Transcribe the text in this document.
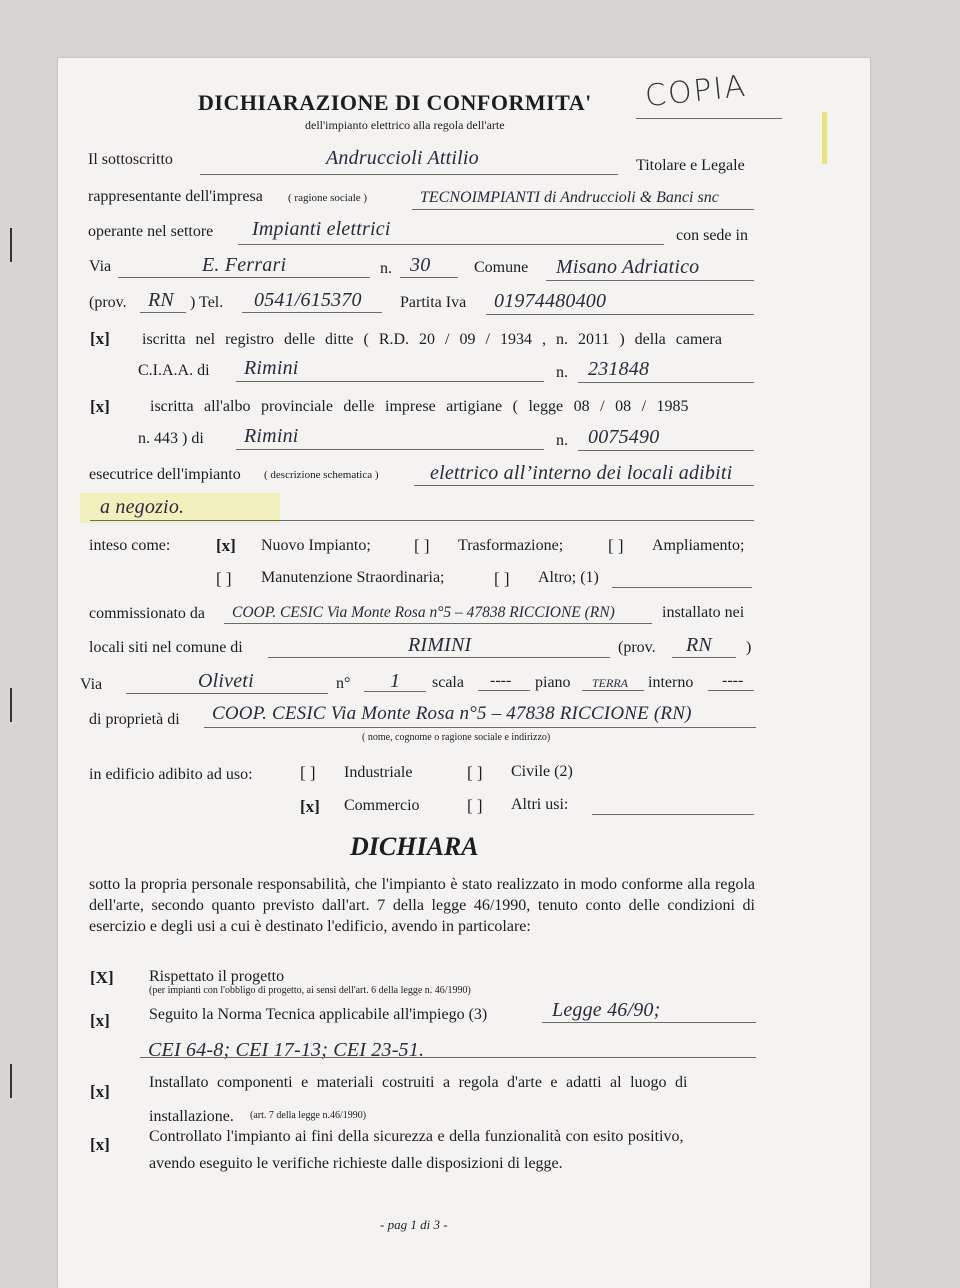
DICHIARAZIONE DI CONFORMITA'
dell'impianto elettrico alla regola dell'arte
COPIA
Il sottoscritto	Andruccioli Attilio	Titolare e Legale
rappresentante dell'impresa ( ragione sociale )	TECNOIMPIANTI di Andruccioli & Banci snc
operante nel settore Impianti elettrici	con sede in
Via	E. Ferrari	n. 30	Comune Misano Adriatico
(prov. RN ) Tel. 0541/615370 Partita Iva 01974480400
[x] iscritta nel registro delle ditte ( R.D. 20 / 09 / 1934 , n. 2011 ) della camera
C.I.A.A. di Rimini	n. 231848
[x]	iscritta all'albo provinciale delle imprese artigiane ( legge 08 / 08 / 1985
n. 443 ) di Rimini	n. 0075490
esecutrice dell'impianto ( descrizione schematica )	elettrico all’interno dei locali adibiti
a negozio.
inteso come:	[x] Nuovo Impianto;	[ ] Trasformazione;	[ ] Ampliamento;
[ ] Manutenzione Straordinaria;	[ ] Altro; (1)
commissionato da COOP. CESIC Via Monte Rosa n°5 – 47838 RICCIONE (RN)	installato nei
locali siti nel comune di	RIMINI	(prov. RN )
Via	Oliveti	n° 1 scala ---- piano TERRA interno ----
di proprietà di COOP. CESIC Via Monte Rosa n°5 – 47838 RICCIONE (RN)
( nome, cognome o ragione sociale e indirizzo)
in edificio adibito ad uso:	[ ] Industriale	[ ] Civile (2)
[x] Commercio	[ ] Altri usi:
DICHIARA
sotto la propria personale responsabilità, che l'impianto è stato realizzato in modo conforme alla regola dell'arte, secondo quanto previsto dall'art. 7 della legge 46/1990, tenuto conto delle condizioni di esercizio e degli usi a cui è destinato l'edificio, avendo in particolare:
[X] Rispettato il progetto
(per impianti con l'obbligo di progetto, ai sensi dell'art. 6 della legge n. 46/1990)
[x] Seguito la Norma Tecnica applicabile all'impiego (3)	Legge 46/90;
CEI 64-8; CEI 17-13; CEI 23-51.
[x] Installato componenti e materiali costruiti a regola d'arte e adatti al luogo di
installazione. (art. 7 della legge n.46/1990)
[x] Controllato l'impianto ai fini della sicurezza e della funzionalità con esito positivo,
avendo eseguito le verifiche richieste dalle disposizioni di legge.
- pag 1 di 3 -
